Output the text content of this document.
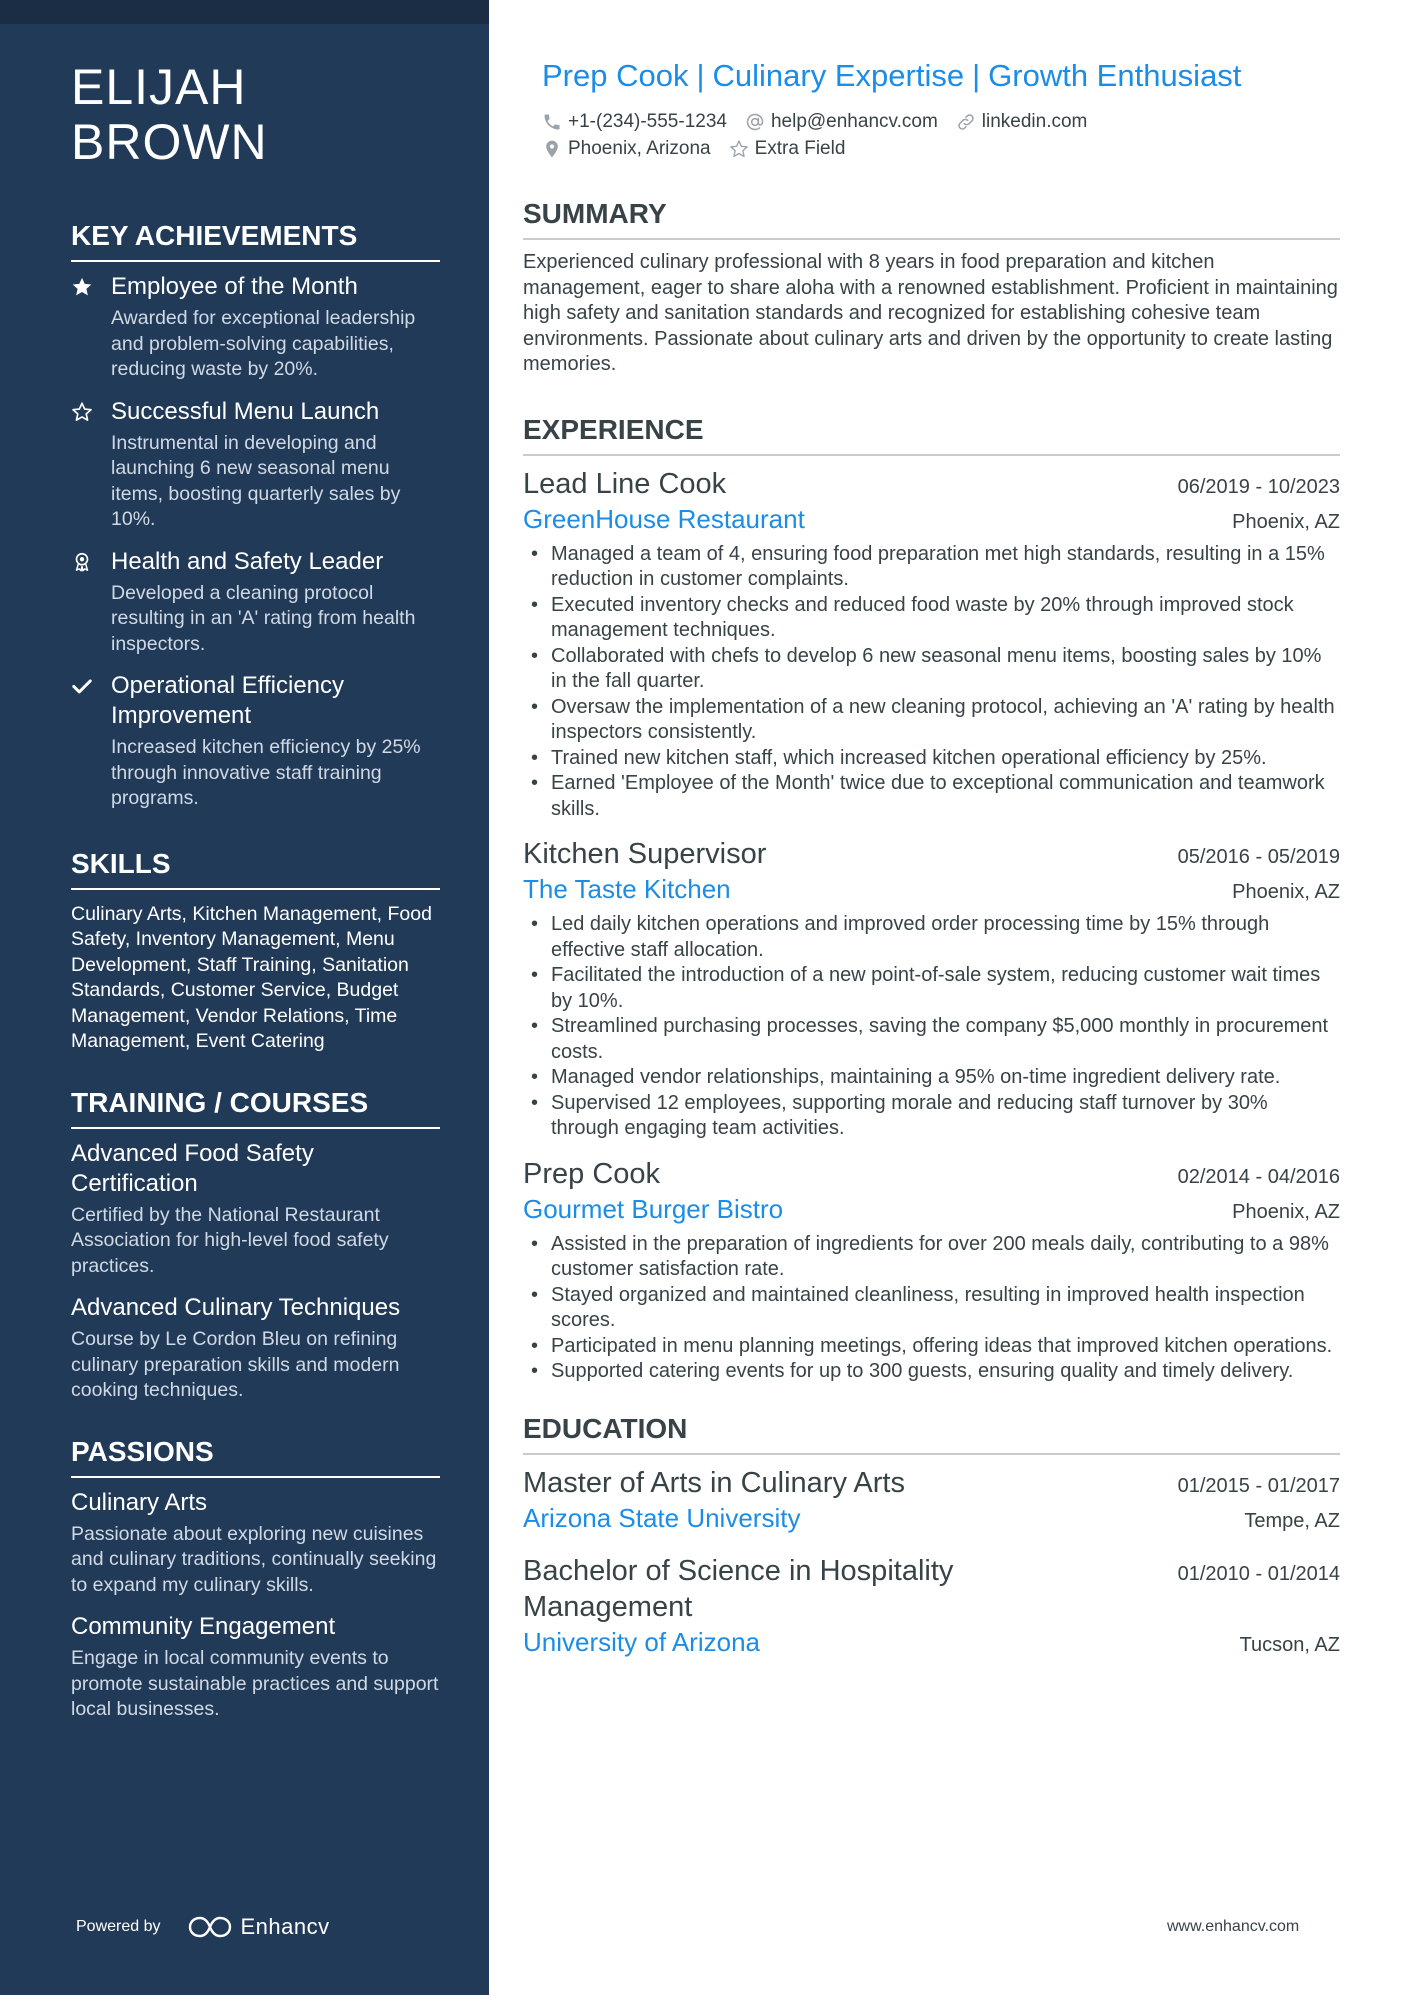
ELIJAH
BROWN
KEY ACHIEVEMENTS
Employee of the Month
Awarded for exceptional leadership and problem-solving capabilities, reducing waste by 20%.
Successful Menu Launch
Instrumental in developing and launching 6 new seasonal menu items, boosting quarterly sales by 10%.
Health and Safety Leader
Developed a cleaning protocol resulting in an 'A' rating from health inspectors.
Operational Efficiency Improvement
Increased kitchen efficiency by 25% through innovative staff training programs.
SKILLS
Culinary Arts, Kitchen Management, Food Safety, Inventory Management, Menu Development, Staff Training, Sanitation Standards, Customer Service, Budget Management, Vendor Relations, Time Management, Event Catering
TRAINING / COURSES
Advanced Food Safety Certification
Certified by the National Restaurant Association for high-level food safety practices.
Advanced Culinary Techniques
Course by Le Cordon Bleu on refining culinary preparation skills and modern cooking techniques.
PASSIONS
Culinary Arts
Passionate about exploring new cuisines and culinary traditions, continually seeking to expand my culinary skills.
Community Engagement
Engage in local community events to promote sustainable practices and support local businesses.
Powered by	Enhancv
Prep Cook | Culinary Expertise | Growth Enthusiast
+1-(234)-555-1234 help@enhancv.com linkedin.com
Phoenix, Arizona Extra Field
SUMMARY

Experienced culinary professional with 8 years in food preparation and kitchen management, eager to share aloha with a renowned establishment. Proficient in maintaining high safety and sanitation standards and recognized for establishing cohesive team environments. Passionate about culinary arts and driven by the opportunity to create lasting memories.

EXPERIENCE
Lead Line Cook	06/2019 - 10/2023
GreenHouse Restaurant	Phoenix, AZ
• Managed a team of 4, ensuring food preparation met high standards, resulting in a 15% reduction in customer complaints.
• Executed inventory checks and reduced food waste by 20% through improved stock management techniques.
• Collaborated with chefs to develop 6 new seasonal menu items, boosting sales by 10% in the fall quarter.
• Oversaw the implementation of a new cleaning protocol, achieving an 'A' rating by health inspectors consistently.
• Trained new kitchen staff, which increased kitchen operational efficiency by 25%.
• Earned 'Employee of the Month' twice due to exceptional communication and teamwork skills.
Kitchen Supervisor	05/2016 - 05/2019
The Taste Kitchen	Phoenix, AZ
• Led daily kitchen operations and improved order processing time by 15% through effective staff allocation.
• Facilitated the introduction of a new point-of-sale system, reducing customer wait times by 10%.
• Streamlined purchasing processes, saving the company $5,000 monthly in procurement costs.
• Managed vendor relationships, maintaining a 95% on-time ingredient delivery rate.
• Supervised 12 employees, supporting morale and reducing staff turnover by 30% through engaging team activities.
Prep Cook	02/2014 - 04/2016
Gourmet Burger Bistro	Phoenix, AZ
• Assisted in the preparation of ingredients for over 200 meals daily, contributing to a 98% customer satisfaction rate.
• Stayed organized and maintained cleanliness, resulting in improved health inspection scores.
• Participated in menu planning meetings, offering ideas that improved kitchen operations.
• Supported catering events for up to 300 guests, ensuring quality and timely delivery.
EDUCATION
Master of Arts in Culinary Arts	01/2015 - 01/2017
Arizona State University	Tempe, AZ
Bachelor of Science in Hospitality Management
01/2010 - 01/2014
University of Arizona	Tucson, AZ
www.enhancv.com
